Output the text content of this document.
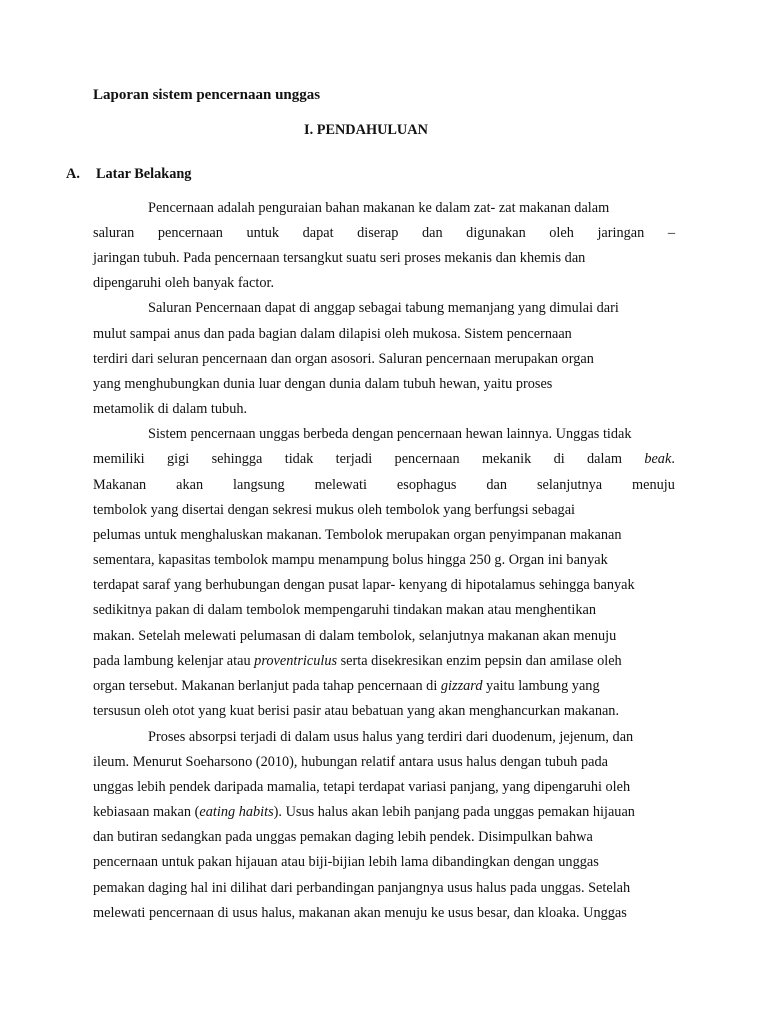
Laporan sistem pencernaan unggas
I. PENDAHULUAN
A. Latar Belakang
Pencernaan adalah penguraian bahan makanan ke dalam zat- zat makanan dalam
saluran pencernaan untuk dapat diserap dan digunakan oleh jaringan –
jaringan tubuh. Pada pencernaan tersangkut suatu seri proses mekanis dan khemis dan
dipengaruhi oleh banyak factor.
Saluran Pencernaan dapat di anggap sebagai tabung memanjang yang dimulai dari
mulut sampai anus dan pada bagian dalam dilapisi oleh mukosa. Sistem pencernaan
terdiri dari seluran pencernaan dan organ asosori. Saluran pencernaan merupakan organ
yang menghubungkan dunia luar dengan dunia dalam tubuh hewan, yaitu proses
metamolik di dalam tubuh.
Sistem pencernaan unggas berbeda dengan pencernaan hewan lainnya. Unggas tidak
memiliki gigi sehingga tidak terjadi pencernaan mekanik di dalam beak.
Makanan akan langsung melewati esophagus dan selanjutnya menuju
tembolok yang disertai dengan sekresi mukus oleh tembolok yang berfungsi sebagai
pelumas untuk menghaluskan makanan. Tembolok merupakan organ penyimpanan makanan
sementara, kapasitas tembolok mampu menampung bolus hingga 250 g. Organ ini banyak
terdapat saraf yang berhubungan dengan pusat lapar- kenyang di hipotalamus sehingga banyak
sedikitnya pakan di dalam tembolok mempengaruhi tindakan makan atau menghentikan
makan. Setelah melewati pelumasan di dalam tembolok, selanjutnya makanan akan menuju
pada lambung kelenjar atau proventriculus serta disekresikan enzim pepsin dan amilase oleh
organ tersebut. Makanan berlanjut pada tahap pencernaan di gizzard yaitu lambung yang
tersusun oleh otot yang kuat berisi pasir atau bebatuan yang akan menghancurkan makanan.
Proses absorpsi terjadi di dalam usus halus yang terdiri dari duodenum, jejenum, dan
ileum. Menurut Soeharsono (2010), hubungan relatif antara usus halus dengan tubuh pada
unggas lebih pendek daripada mamalia, tetapi terdapat variasi panjang, yang dipengaruhi oleh
kebiasaan makan (eating habits). Usus halus akan lebih panjang pada unggas pemakan hijauan
dan butiran sedangkan pada unggas pemakan daging lebih pendek. Disimpulkan bahwa
pencernaan untuk pakan hijauan atau biji-bijian lebih lama dibandingkan dengan unggas
pemakan daging hal ini dilihat dari perbandingan panjangnya usus halus pada unggas. Setelah
melewati pencernaan di usus halus, makanan akan menuju ke usus besar, dan kloaka. Unggas
